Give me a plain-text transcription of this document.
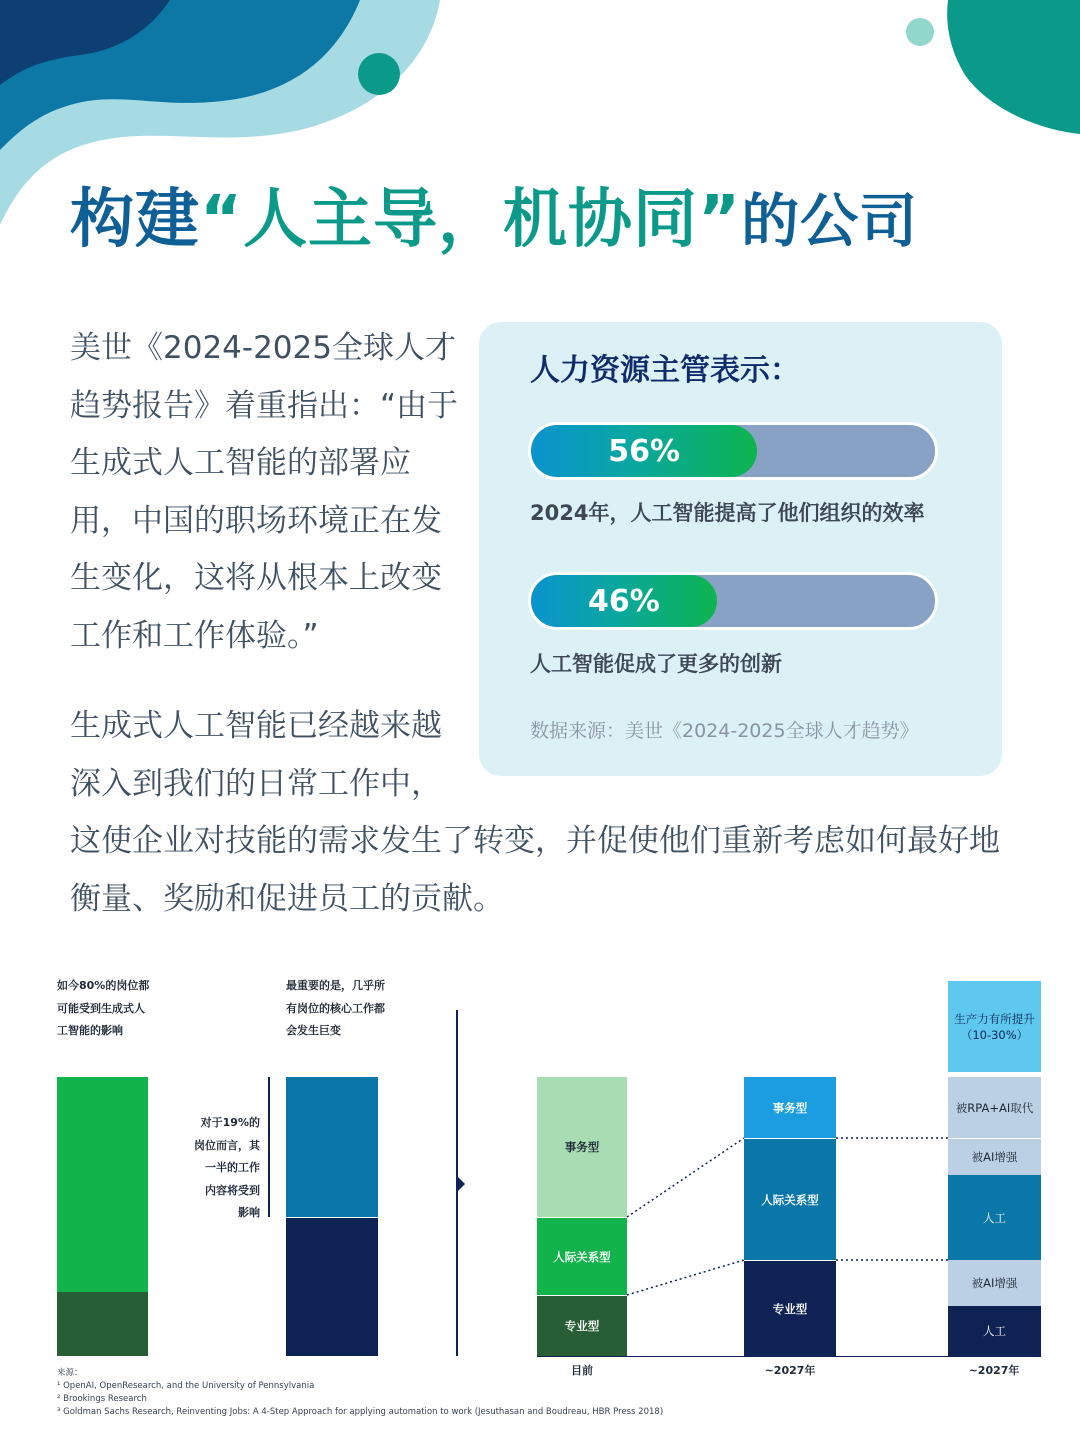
构建“人主导，机协同”的公司
美世《2024-2025全球人才
趋势报告》着重指出：“由于
生成式人工智能的部署应
用，中国的职场环境正在发
生变化，这将从根本上改变
工作和工作体验。”
生成式人工智能已经越来越
深入到我们的日常工作中，
这使企业对技能的需求发生了转变，并促使他们重新考虑如何最好地
衡量、奖励和促进员工的贡献。
人力资源主管表示：
56%
2024年，人工智能提高了他们组织的效率
46%
人工智能促成了更多的创新
数据来源：美世《2024-2025全球人才趋势》
如今80%的岗位都
可能受到生成式人
工智能的影响
最重要的是，几乎所
有岗位的核心工作都
会发生巨变
对于19%的
岗位而言，其
一半的工作
内容将受到
影响
事务型
人际关系型
专业型
事务型
人际关系型
专业型
生产力有所提升
（10-30%）
被RPA+AI取代
被AI增强
人工
被AI增强
人工
目前	~2027年	~2027年
来源：
¹ OpenAI, OpenResearch, and the University of Pennsylvania
² Brookings Research
³ Goldman Sachs Research, Reinventing Jobs: A 4-Step Approach for applying automation to work (Jesuthasan and Boudreau, HBR Press 2018)
